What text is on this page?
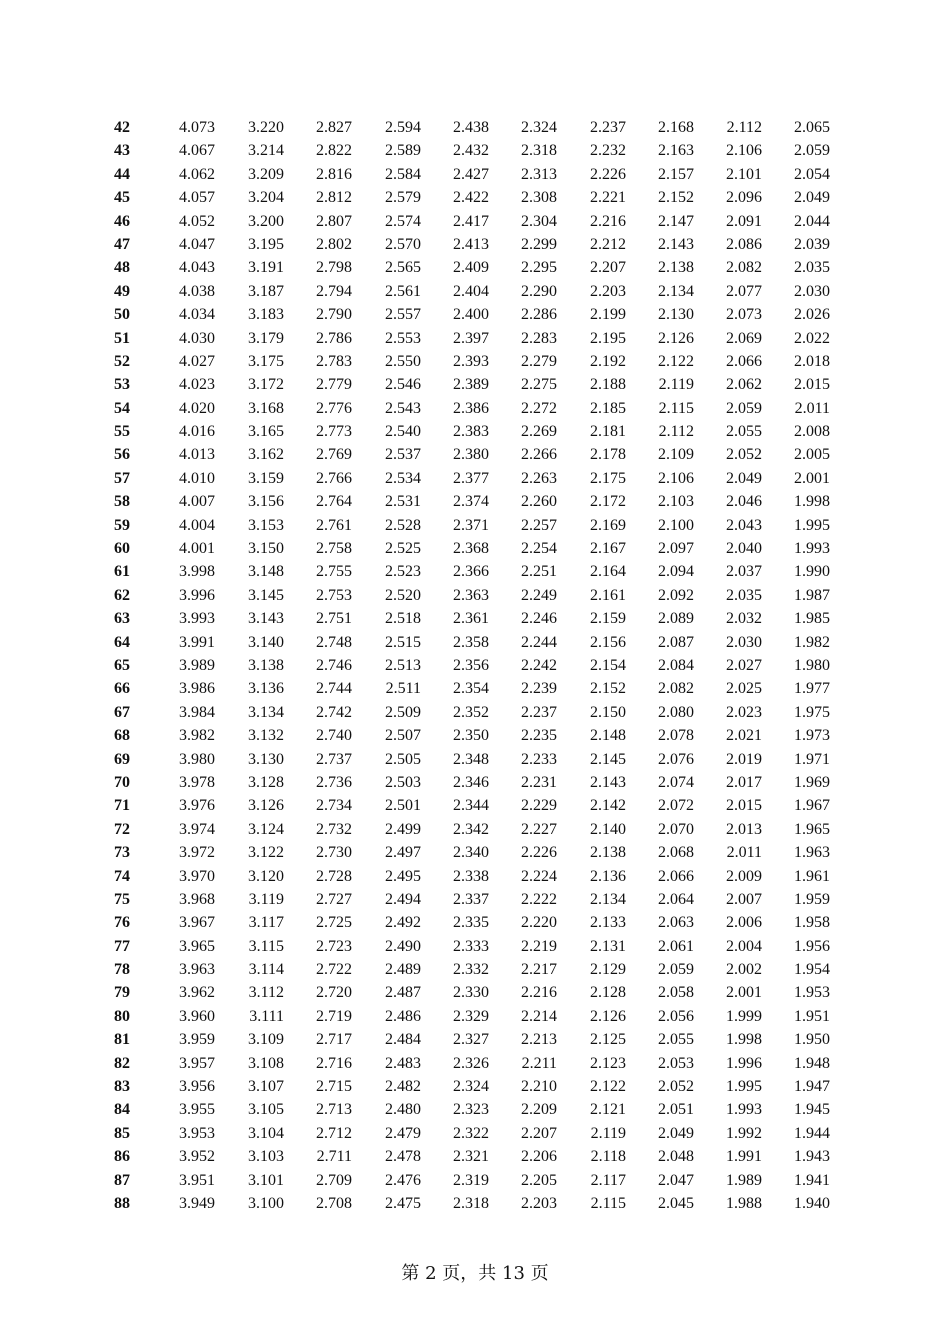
42	4.073	3.220	2.827	2.594	2.438	2.324	2.237	2.168	2.112	2.065
43	4.067	3.214	2.822	2.589	2.432	2.318	2.232	2.163	2.106	2.059
44	4.062	3.209	2.816	2.584	2.427	2.313	2.226	2.157	2.101	2.054
45	4.057	3.204	2.812	2.579	2.422	2.308	2.221	2.152	2.096	2.049
46	4.052	3.200	2.807	2.574	2.417	2.304	2.216	2.147	2.091	2.044
47	4.047	3.195	2.802	2.570	2.413	2.299	2.212	2.143	2.086	2.039
48	4.043	3.191	2.798	2.565	2.409	2.295	2.207	2.138	2.082	2.035
49	4.038	3.187	2.794	2.561	2.404	2.290	2.203	2.134	2.077	2.030
50	4.034	3.183	2.790	2.557	2.400	2.286	2.199	2.130	2.073	2.026
51	4.030	3.179	2.786	2.553	2.397	2.283	2.195	2.126	2.069	2.022
52	4.027	3.175	2.783	2.550	2.393	2.279	2.192	2.122	2.066	2.018
53	4.023	3.172	2.779	2.546	2.389	2.275	2.188	2.119	2.062	2.015
54	4.020	3.168	2.776	2.543	2.386	2.272	2.185	2.115	2.059	2.011
55	4.016	3.165	2.773	2.540	2.383	2.269	2.181	2.112	2.055	2.008
56	4.013	3.162	2.769	2.537	2.380	2.266	2.178	2.109	2.052	2.005
57	4.010	3.159	2.766	2.534	2.377	2.263	2.175	2.106	2.049	2.001
58	4.007	3.156	2.764	2.531	2.374	2.260	2.172	2.103	2.046	1.998
59	4.004	3.153	2.761	2.528	2.371	2.257	2.169	2.100	2.043	1.995
60	4.001	3.150	2.758	2.525	2.368	2.254	2.167	2.097	2.040	1.993
61	3.998	3.148	2.755	2.523	2.366	2.251	2.164	2.094	2.037	1.990
62	3.996	3.145	2.753	2.520	2.363	2.249	2.161	2.092	2.035	1.987
63	3.993	3.143	2.751	2.518	2.361	2.246	2.159	2.089	2.032	1.985
64	3.991	3.140	2.748	2.515	2.358	2.244	2.156	2.087	2.030	1.982
65	3.989	3.138	2.746	2.513	2.356	2.242	2.154	2.084	2.027	1.980
66	3.986	3.136	2.744	2.511	2.354	2.239	2.152	2.082	2.025	1.977
67	3.984	3.134	2.742	2.509	2.352	2.237	2.150	2.080	2.023	1.975
68	3.982	3.132	2.740	2.507	2.350	2.235	2.148	2.078	2.021	1.973
69	3.980	3.130	2.737	2.505	2.348	2.233	2.145	2.076	2.019	1.971
70	3.978	3.128	2.736	2.503	2.346	2.231	2.143	2.074	2.017	1.969
71	3.976	3.126	2.734	2.501	2.344	2.229	2.142	2.072	2.015	1.967
72	3.974	3.124	2.732	2.499	2.342	2.227	2.140	2.070	2.013	1.965
73	3.972	3.122	2.730	2.497	2.340	2.226	2.138	2.068	2.011	1.963
74	3.970	3.120	2.728	2.495	2.338	2.224	2.136	2.066	2.009	1.961
75	3.968	3.119	2.727	2.494	2.337	2.222	2.134	2.064	2.007	1.959
76	3.967	3.117	2.725	2.492	2.335	2.220	2.133	2.063	2.006	1.958
77	3.965	3.115	2.723	2.490	2.333	2.219	2.131	2.061	2.004	1.956
78	3.963	3.114	2.722	2.489	2.332	2.217	2.129	2.059	2.002	1.954
79	3.962	3.112	2.720	2.487	2.330	2.216	2.128	2.058	2.001	1.953
80	3.960	3.111	2.719	2.486	2.329	2.214	2.126	2.056	1.999	1.951
81	3.959	3.109	2.717	2.484	2.327	2.213	2.125	2.055	1.998	1.950
82	3.957	3.108	2.716	2.483	2.326	2.211	2.123	2.053	1.996	1.948
83	3.956	3.107	2.715	2.482	2.324	2.210	2.122	2.052	1.995	1.947
84	3.955	3.105	2.713	2.480	2.323	2.209	2.121	2.051	1.993	1.945
85	3.953	3.104	2.712	2.479	2.322	2.207	2.119	2.049	1.992	1.944
86	3.952	3.103	2.711	2.478	2.321	2.206	2.118	2.048	1.991	1.943
87	3.951	3.101	2.709	2.476	2.319	2.205	2.117	2.047	1.989	1.941
88	3.949	3.100	2.708	2.475	2.318	2.203	2.115	2.045	1.988	1.940
第 2 页，共 13 页
